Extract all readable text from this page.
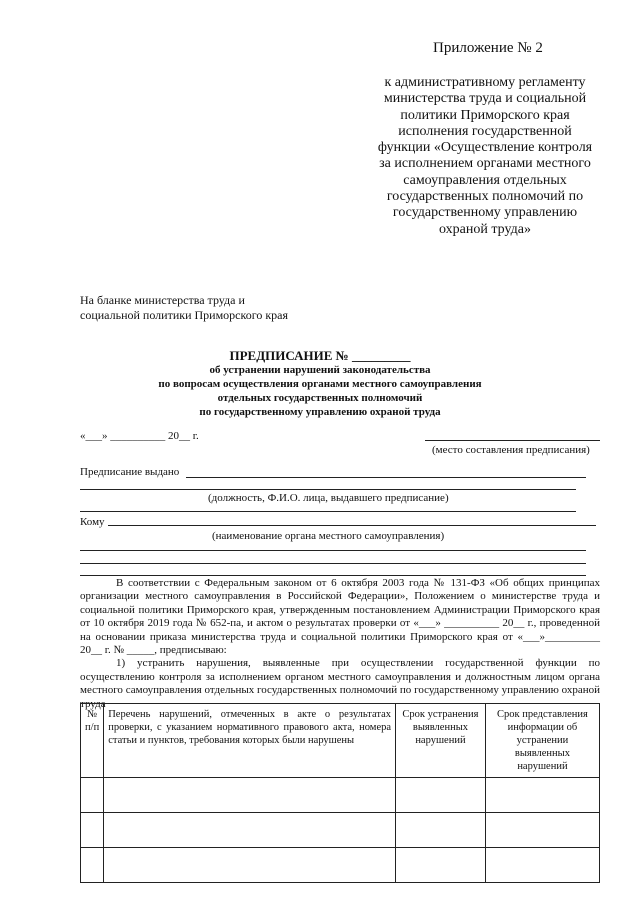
Приложение № 2
к административному регламенту
министерства труда и социальной
политики Приморского края
исполнения государственной
функции «Осуществление контроля
за исполнением органами местного
самоуправления отдельных
государственных полномочий по
государственному управлению
охраной труда»
На бланке министерства труда и
социальной политики Приморского края
ПРЕДПИСАНИЕ № _________
об устранении нарушений законодательства
по вопросам осуществления органами местного самоуправления
отдельных государственных полномочий
по государственному управлению охраной труда
«___» __________ 20__ г.
(место составления предписания)
Предписание выдано
(должность, Ф.И.О. лица, выдавшего предписание)
Кому
(наименование органа местного самоуправления)

В соответствии с Федеральным законом от 6 октября 2003 года № 131-ФЗ «Об общих принципах организации местного самоуправления в Российской Федерации», Положением о министерстве труда и социальной политики Приморского края, утвержденным постановлением Администрации Приморского края от 10 октября 2019 года № 652-па, и актом о результатах проверки от «___» __________ 20__ г., проведенной на основании приказа министерства труда и социальной политики Приморского края от «___»__________ 20__ г. № _____, предписываю:

1) устранить нарушения, выявленные при осуществлении государственной функции по осуществлению контроля за исполнением органом местного самоуправления и должностным лицом органа местного самоуправления отдельных государственных полномочий по государственному управлению охраной труда

№ п/п	Перечень нарушений, отмеченных в акте о результатах проверки, с указанием нормативного правового акта, номера статьи и пунктов, требования которых были нарушены	Срок устранения выявленных нарушений	Срок представления информации об устранении выявленных нарушений
